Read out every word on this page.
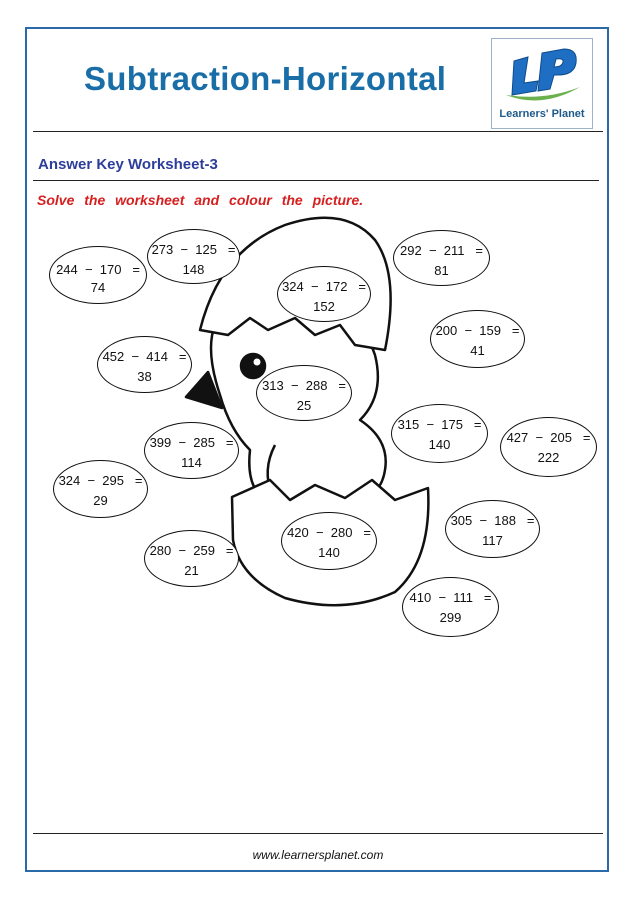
Subtraction-Horizontal
Learners' Planet
Answer Key Worksheet-3
Solve the worksheet and colour the picture.
273  −  125   =
148
244  −  170   =
74	324  −  172   =
152
292  −  211   =
81
200  −  159   =
41
452  −  414   =
38
313  −  288   =
25
399  −  285   =
114
315  −  175   =
140	427  −  205   =
222
324  −  295   =
29
420  −  280   =
140
305  −  188   =
117
280  −  259   =
21
410  −  111   =
299
www.learnersplanet.com
